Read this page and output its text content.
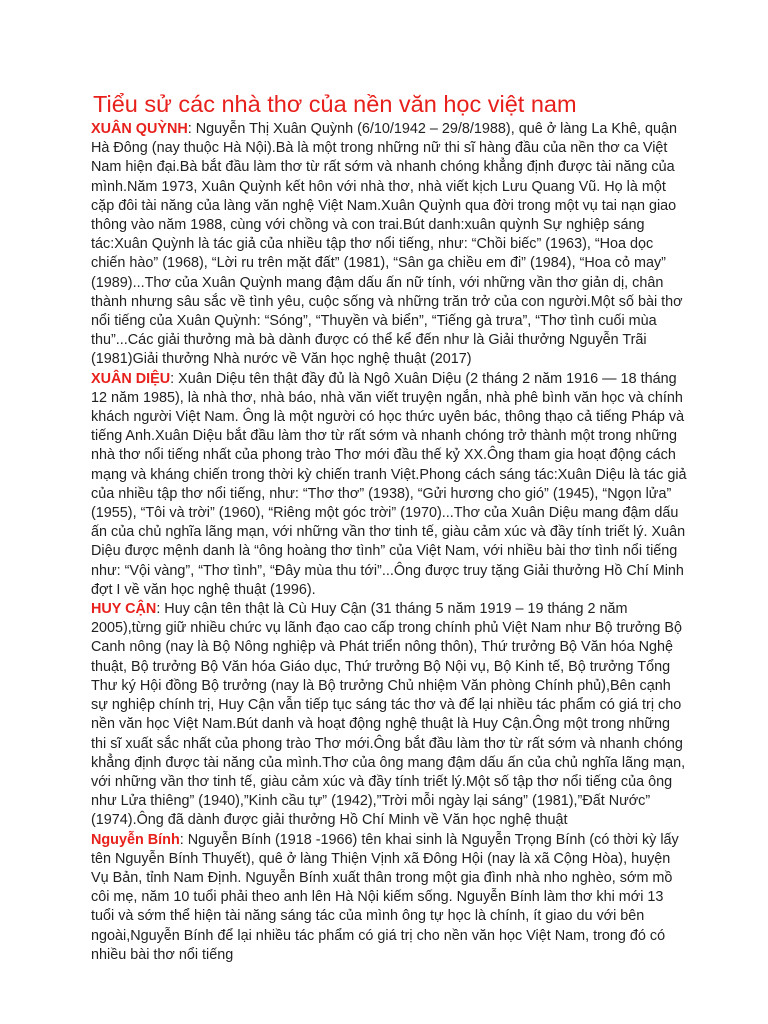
Tiểu sử các nhà thơ của nền văn học việt nam

XUÂN QUỲNH: Nguyễn Thị Xuân Quỳnh (6/10/1942 – 29/8/1988), quê ở làng La Khê, quận Hà Đông (nay thuộc Hà Nội).Bà là một trong những nữ thi sĩ hàng đầu của nền thơ ca Việt Nam hiện đại.Bà bắt đầu làm thơ từ rất sớm và nhanh chóng khẳng định được tài năng của mình.Năm 1973, Xuân Quỳnh kết hôn với nhà thơ, nhà viết kịch Lưu Quang Vũ. Họ là một cặp đôi tài năng của làng văn nghệ Việt Nam.Xuân Quỳnh qua đời trong một vụ tai nạn giao thông vào năm 1988, cùng với chồng và con trai.Bút danh:xuân quỳnh Sự nghiệp sáng tác:Xuân Quỳnh là tác giả của nhiều tập thơ nổi tiếng, như: “Chồi biếc” (1963), “Hoa dọc chiến hào” (1968), “Lời ru trên mặt đất” (1981), “Sân ga chiều em đi” (1984), “Hoa cỏ may” (1989)...Thơ của Xuân Quỳnh mang đậm dấu ấn nữ tính, với những vần thơ giản dị, chân thành nhưng sâu sắc về tình yêu, cuộc sống và những trăn trở của con người.Một số bài thơ nổi tiếng của Xuân Quỳnh: “Sóng”, “Thuyền và biển”, “Tiếng gà trưa”, “Thơ tình cuối mùa thu”...Các giải thưởng mà bà dành được có thể kể đến như là Giải thưởng Nguyễn Trãi (1981)Giải thưởng Nhà nước về Văn học nghệ thuật (2017)

XUÂN DIỆU: Xuân Diệu tên thật đầy đủ là Ngô Xuân Diệu (2 tháng 2 năm 1916 — 18 tháng 12 năm 1985), là nhà thơ, nhà báo, nhà văn viết truyện ngắn, nhà phê bình văn học và chính khách người Việt Nam. Ông là một người có học thức uyên bác, thông thạo cả tiếng Pháp và tiếng Anh.Xuân Diệu bắt đầu làm thơ từ rất sớm và nhanh chóng trở thành một trong những nhà thơ nổi tiếng nhất của phong trào Thơ mới đầu thế kỷ XX.Ông tham gia hoạt động cách mạng và kháng chiến trong thời kỳ chiến tranh Việt.Phong cách sáng tác:Xuân Diệu là tác giả của nhiều tập thơ nổi tiếng, như: “Thơ thơ” (1938), “Gửi hương cho gió” (1945), “Ngọn lửa” (1955), “Tôi và trời” (1960), “Riêng một góc trời” (1970)...Thơ của Xuân Diệu mang đậm dấu ấn của chủ nghĩa lãng mạn, với những vần thơ tinh tế, giàu cảm xúc và đầy tính triết lý. Xuân Diệu được mệnh danh là “ông hoàng thơ tình” của Việt Nam, với nhiều bài thơ tình nổi tiếng như: “Vội vàng”, “Thơ tình”, “Đây mùa thu tới”...Ông được truy tặng Giải thưởng Hồ Chí Minh đợt I về văn học nghệ thuật (1996).

HUY CẬN: Huy cận tên thật là Cù Huy Cận (31 tháng 5 năm 1919 – 19 tháng 2 năm 2005),từng giữ nhiều chức vụ lãnh đạo cao cấp trong chính phủ Việt Nam như Bộ trưởng Bộ Canh nông (nay là Bộ Nông nghiệp và Phát triển nông thôn), Thứ trưởng Bộ Văn hóa Nghệ thuật, Bộ trưởng Bộ Văn hóa Giáo dục, Thứ trưởng Bộ Nội vụ, Bộ Kinh tế, Bộ trưởng Tổng Thư ký Hội đồng Bộ trưởng (nay là Bộ trưởng Chủ nhiệm Văn phòng Chính phủ),Bên cạnh sự nghiệp chính trị, Huy Cận vẫn tiếp tục sáng tác thơ và để lại nhiều tác phẩm có giá trị cho nền văn học Việt Nam.Bút danh và hoạt động nghệ thuật là Huy Cận.Ông một trong những thi sĩ xuất sắc nhất của phong trào Thơ mới.Ông bắt đầu làm thơ từ rất sớm và nhanh chóng khẳng định được tài năng của mình.Thơ của ông mang đậm dấu ấn của chủ nghĩa lãng mạn, với những vần thơ tinh tế, giàu cảm xúc và đầy tính triết lý.Một số tập thơ nổi tiếng của ông như Lửa thiêng” (1940),”Kinh cầu tự” (1942),”Trời mỗi ngày lại sáng” (1981),”Đất Nước” (1974).Ông đã dành được giải thưởng Hồ Chí Minh về Văn học nghệ thuật

Nguyễn Bính: Nguyễn Bính (1918 -1966) tên khai sinh là Nguyễn Trọng Bính (có thời kỳ lấy tên Nguyễn Bính Thuyết), quê ở làng Thiện Vịnh xã Đông Hội (nay là xã Cộng Hòa), huyện Vụ Bản, tỉnh Nam Định. Nguyễn Bính xuất thân trong một gia đình nhà nho nghèo, sớm mồ côi mẹ, năm 10 tuổi phải theo anh lên Hà Nội kiếm sống. Nguyễn Bính làm thơ khi mới 13 tuổi và sớm thể hiện tài năng sáng tác của mình ông tự học là chính, ít giao du với bên ngoài,Nguyễn Bính để lại nhiều tác phẩm có giá trị cho nền văn học Việt Nam, trong đó có nhiều bài thơ nổi tiếng
